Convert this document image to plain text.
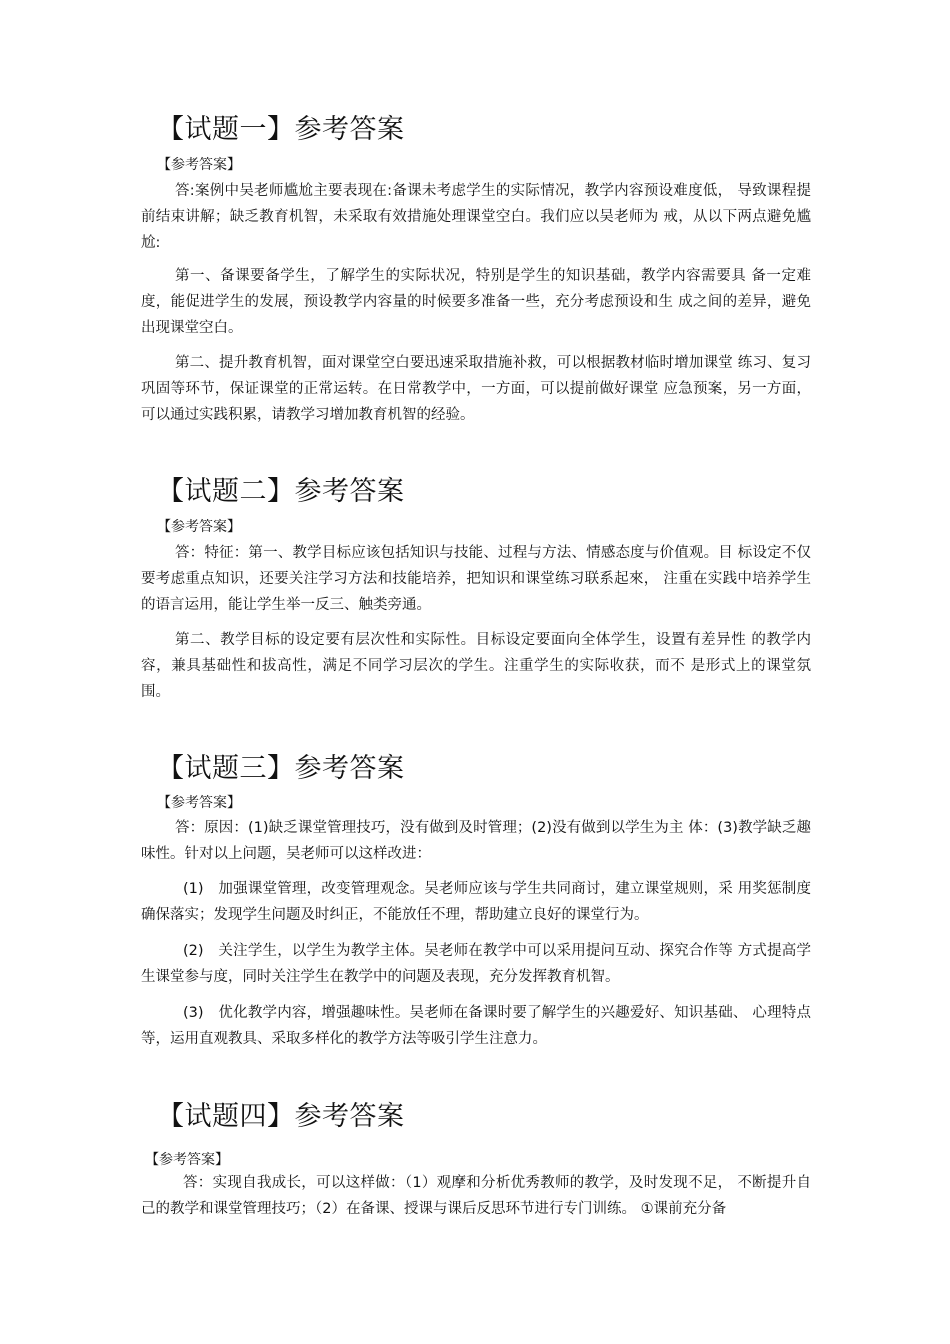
【试题一】参考答案
【参考答案】

答:案例中吴老师尴尬主要表现在:备课未考虑学生的实际情况，教学内容预设难度低， 导致课程提前结束讲解；缺乏教育机智，未采取有效措施处理课堂空白。我们应以吴老师为 戒，从以下两点避免尴尬:

第一、备课要备学生，了解学生的实际状况，特别是学生的知识基础，教学内容需要具 备一定难度，能促进学生的发展，预设教学内容量的时候要多准备一些，充分考虑预设和生 成之间的差异，避免出现课堂空白。

第二、提升教育机智，面对课堂空白要迅速采取措施补救，可以根据教材临时增加课堂 练习、复习巩固等环节，保证课堂的正常运转。在日常教学中，一方面，可以提前做好课堂 应急预案，另一方面，可以通过实践积累，请教学习增加教育机智的经验。

【试题二】参考答案
【参考答案】

答：特征：第一、教学目标应该包括知识与技能、过程与方法、情感态度与价值观。目 标设定不仅要考虑重点知识，还要关注学习方法和技能培养，把知识和课堂练习联系起來， 注重在实践中培养学生的语言运用，能让学生举一反三、触类旁通。

第二、教学目标的设定要有层次性和实际性。目标设定要面向全体学生，设置有差异性 的教学内容，兼具基础性和拔高性，满足不同学习层次的学生。注重学生的实际收获，而不 是形式上的课堂氛围。

【试题三】参考答案
【参考答案】

答：原因：(1)缺乏课堂管理技巧，没有做到及时管理；(2)没有做到以学生为主 体：(3)教学缺乏趣味性。针对以上问题，吴老师可以这样改进：

(1)　加强课堂管理，改变管理观念。吴老师应该与学生共同商讨，建立课堂规则，采 用奖惩制度确保落实；发现学生问题及时纠正，不能放任不理，帮助建立良好的课堂行为。

(2)　关注学生，以学生为教学主体。吴老师在教学中可以采用提问互动、探究合作等 方式提高学生课堂参与度，同时关注学生在教学中的问题及表现，充分发挥教育机智。

(3)　优化教学内容，增强趣味性。吴老师在备课时要了解学生的兴趣爱好、知识基础、 心理特点等，运用直观教具、采取多样化的教学方法等吸引学生注意力。

【试题四】参考答案
【参考答案】

答：实现自我成长，可以这样做：（1）观摩和分析优秀教师的教学，及时发现不足， 不断提升自己的教学和课堂管理技巧；（2）在备课、授课与课后反思环节进行专门训练。 ①课前充分备
